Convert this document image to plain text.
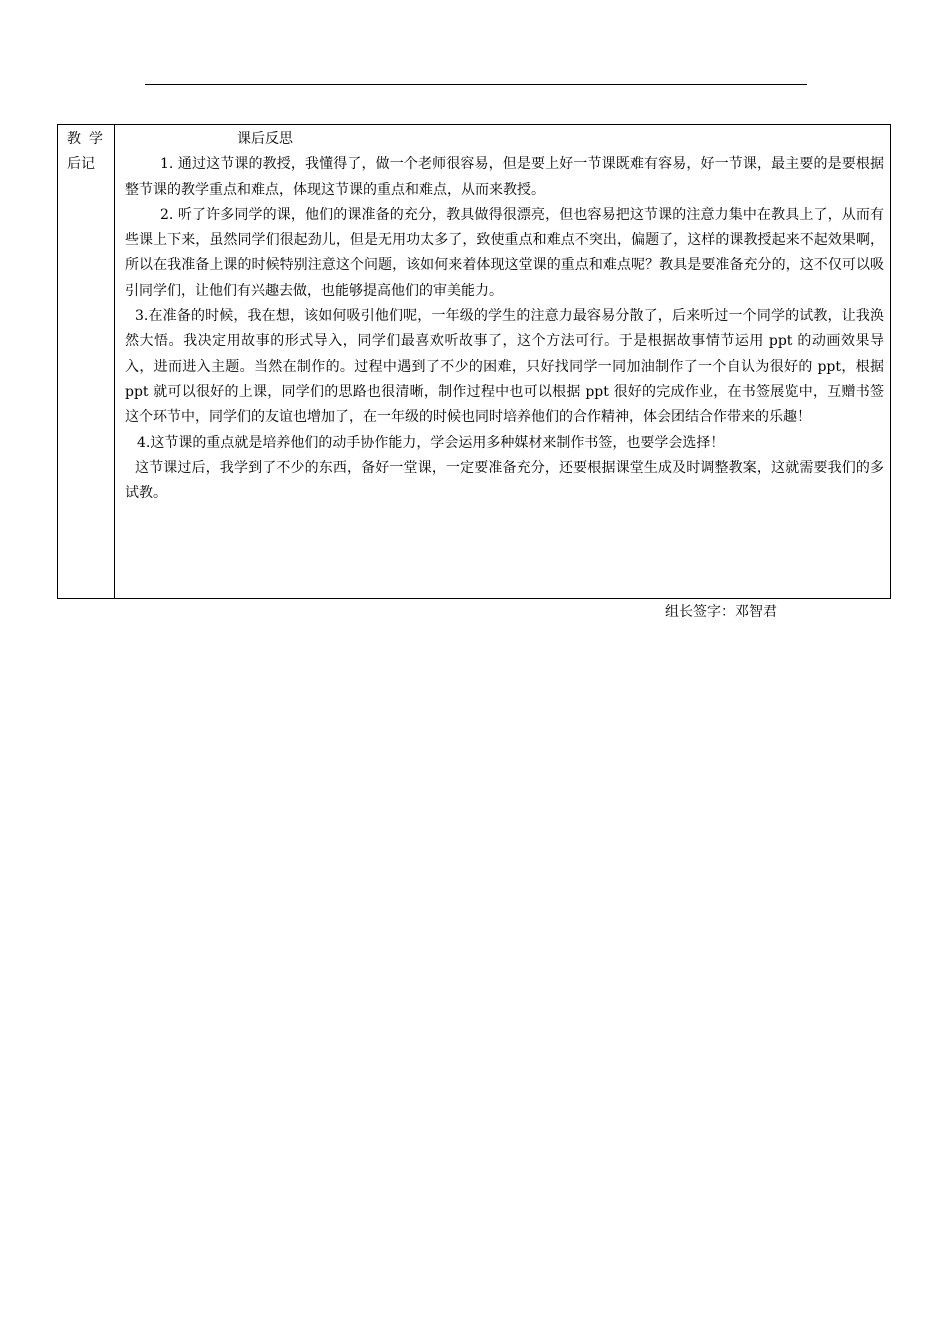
教学
后记

课后反思

1. 通过这节课的教授，我懂得了，做一个老师很容易，但是要上好一节课既难有容易，好一节课，最主要的是要根据整节课的教学重点和难点，体现这节课的重点和难点，从而来教授。

2. 听了许多同学的课，他们的课准备的充分，教具做得很漂亮，但也容易把这节课的注意力集中在教具上了，从而有些课上下来，虽然同学们很起劲儿，但是无用功太多了，致使重点和难点不突出，偏题了，这样的课教授起来不起效果啊，所以在我准备上课的时候特别注意这个问题，该如何来着体现这堂课的重点和难点呢？教具是要准备充分的，这不仅可以吸引同学们，让他们有兴趣去做，也能够提高他们的审美能力。

3.在准备的时候，我在想，该如何吸引他们呢，一年级的学生的注意力最容易分散了，后来听过一个同学的试教，让我涣然大悟。我决定用故事的形式导入，同学们最喜欢听故事了，这个方法可行。于是根据故事情节运用 ppt 的动画效果导入，进而进入主题。当然在制作的。过程中遇到了不少的困难，只好找同学一同加油制作了一个自认为很好的 ppt，根据 ppt 就可以很好的上课，同学们的思路也很清晰，制作过程中也可以根据 ppt 很好的完成作业，在书签展览中，互赠书签这个环节中，同学们的友谊也增加了，在一年级的时候也同时培养他们的合作精神，体会团结合作带来的乐趣！

4.这节课的重点就是培养他们的动手协作能力，学会运用多种媒材来制作书签，也要学会选择！

这节课过后，我学到了不少的东西，备好一堂课，一定要准备充分，还要根据课堂生成及时调整教案，这就需要我们的多试教。

组长签字：邓智君
